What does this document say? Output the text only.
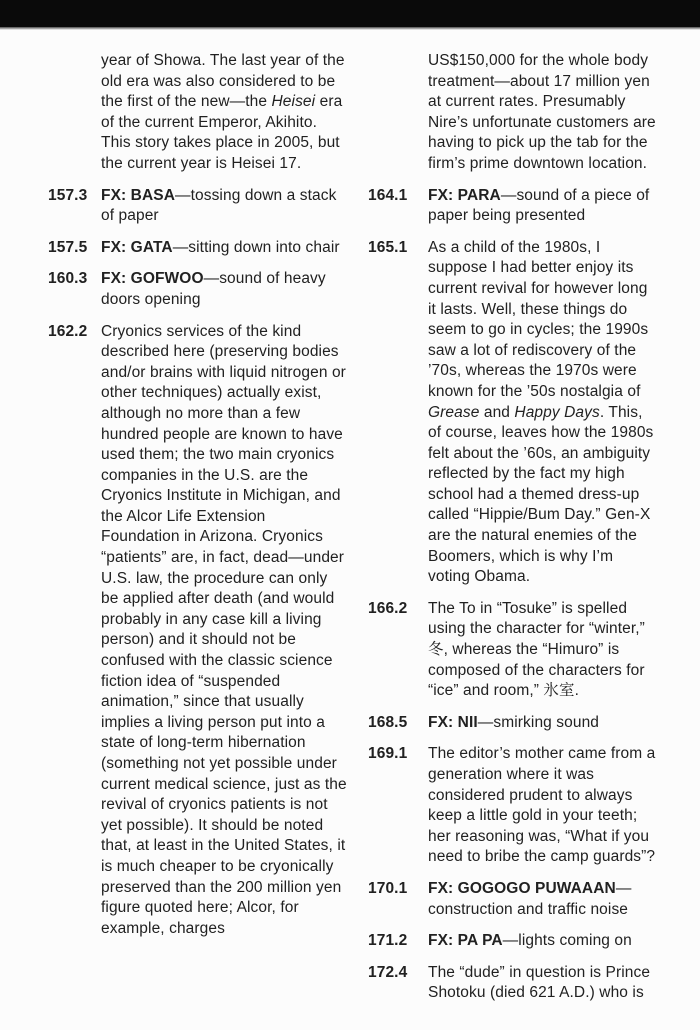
year of Showa. The last year of the old era was also considered to be the first of the new—the Heisei era of the current Emperor, Akihito. This story takes place in 2005, but the current year is Heisei 17.
157.3 FX: BASA—tossing down a stack of paper
157.5 FX: GATA—sitting down into chair
160.3 FX: GOFWOO—sound of heavy doors opening
162.2 Cryonics services of the kind described here (preserving bodies and/or brains with liquid nitrogen or other techniques) actually exist, although no more than a few hundred people are known to have used them; the two main cryonics companies in the U.S. are the Cryonics Institute in Michigan, and the Alcor Life Extension Foundation in Arizona. Cryonics “patients” are, in fact, dead—under U.S. law, the procedure can only be applied after death (and would probably in any case kill a living person) and it should not be confused with the classic science fiction idea of “suspended animation,” since that usually implies a living person put into a state of long-term hibernation (something not yet possible under current medical science, just as the revival of cryonics patients is not yet possible). It should be noted that, at least in the United States, it is much cheaper to be cryonically preserved than the 200 million yen figure quoted here; Alcor, for example, charges
US$150,000 for the whole body treatment—about 17 million yen at current rates. Presumably Nire’s unfortunate customers are having to pick up the tab for the firm’s prime downtown location.
164.1	FX: PARA—sound of a piece of paper being presented
165.1	As a child of the 1980s, I suppose I had better enjoy its current revival for however long it lasts. Well, these things do seem to go in cycles; the 1990s saw a lot of rediscovery of the ’70s, whereas the 1970s were known for the ’50s nostalgia of Grease and Happy Days. This, of course, leaves how the 1980s felt about the ’60s, an ambiguity reflected by the fact my high school had a themed dress-up called “Hippie/Bum Day.” Gen-X are the natural enemies of the Boomers, which is why I’m voting Obama.
166.2	The To in “Tosuke” is spelled using the character for “winter,” 冬, whereas the “Himuro” is composed of the characters for “ice” and room,” 氷室.
168.5	FX: NII—smirking sound
169.1	The editor’s mother came from a generation where it was considered prudent to always keep a little gold in your teeth; her reasoning was, “What if you need to bribe the camp guards”?
170.1	FX: GOGOGO PUWAAAN—construction and traffic noise
171.2	FX: PA PA—lights coming on
172.4	The “dude” in question is Prince Shotoku (died 621 A.D.) who is
